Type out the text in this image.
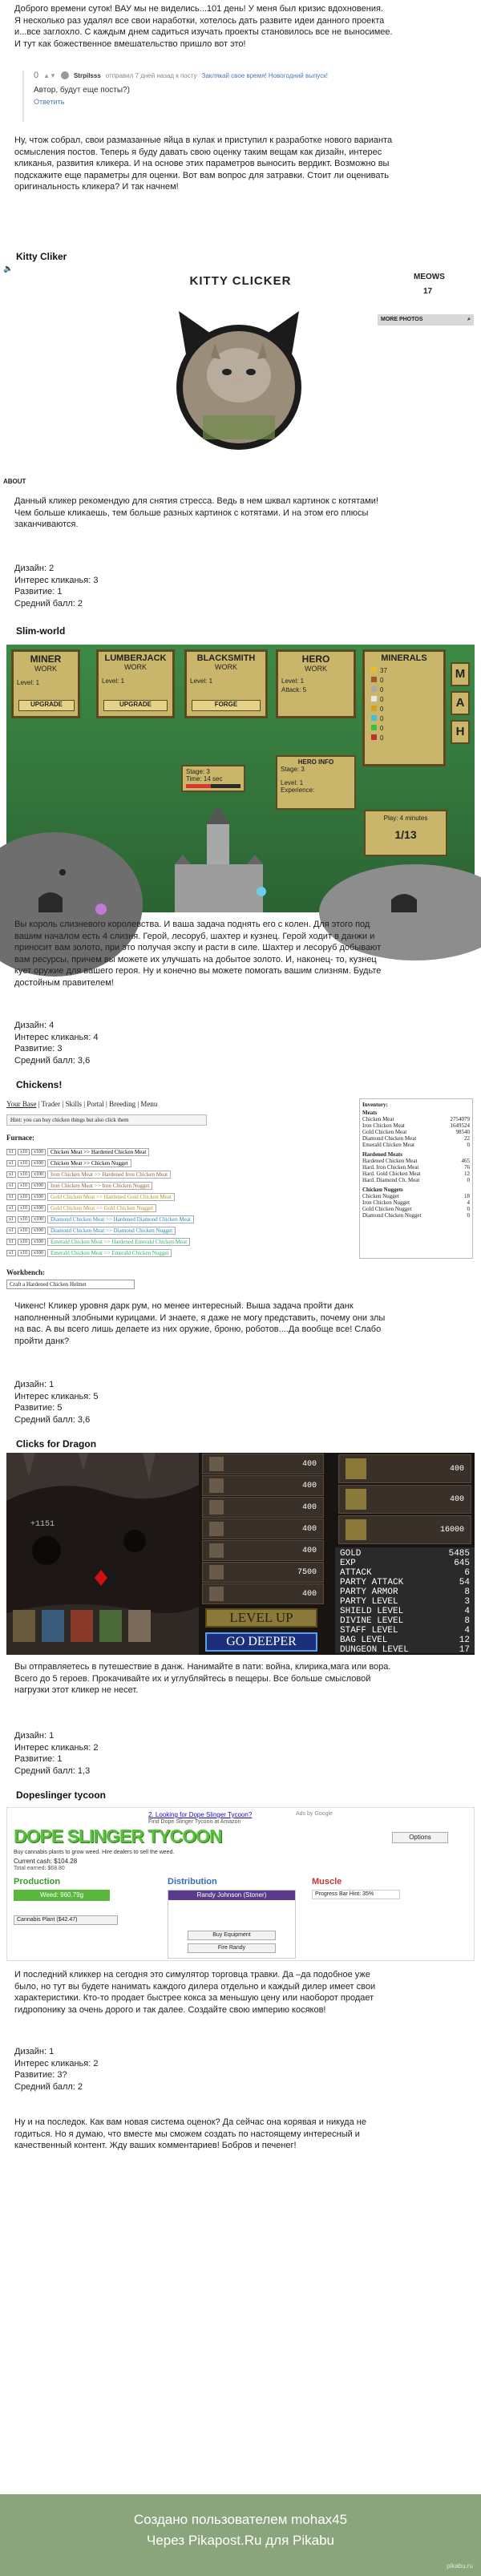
Доброго времени суток! ВАУ мы не виделись...101 день! У меня был кризис вдохновения.

Я несколько раз удалял все свои наработки, хотелось дать развите идеи данного проекта

и...все заглохло. С каждым днем садиться изучать проекты становилось все не выносимее.

И тут как божественное вмешательство пришло вот это!

0 ▲▼	Strpilsss отправил 7 дней назад к посту Заклякай свое время! Новогодний выпуск!
Автор, будут еще посты?)
Ответить

Ну, чтож собрал, свои размазанные яйца в кулак и приступил к разработке нового варианта

осмысления постов. Теперь я буду давать свою оценку таким вещам как дизайн, интерес

кликанья, развития кликера. И на основе этих параметров выносить вердикт. Возможно вы

подскажите еще параметры для оценки. Вот вам вопрос для затравки. Стоит ли оценивать

оригинальность кликера? И так начнем!

Kitty Cliker
🔈
KITTY CLICKER	MEOWS
17
MORE PHOTOS	⌕
ABOUT

Данный кликер рекомендую для снятия стресса. Ведь в нем шквал картинок с котятами!

Чем больше кликаешь, тем больше разных картинок с котятами. И на этом его плюсы

заканчиваются.

Дизайн: 2

Интерес кликанья: 3

Развитие: 1

Средний балл: 2

Slim-world
MINER
WORK
Level: 1
UPGRADE
LUMBERJACK
WORK
Level: 1
UPGRADE
BLACKSMITH
WORK
Level: 1
FORGE
HERO
WORK
Level: 1
Attack: 5
MINERALS
37
0
0
0
0
0
0
0
M
A
H
Stage: 3
Time: 14 sec
HERO INFO
Stage: 3
Level: 1
Experience:
Play: 4 minutes
1/13

Вы король слизневого королевства. И ваша задача поднять его с колен. Для этого под

вашим началом есть 4 слизня. Герой, лесоруб, шахтер и кузнец. Герой ходит в данжи и

приносит вам золото, при это получая экспу и расти в силе. Шахтер и лесоруб добывают

вам ресурсы, причем вы можете их улучшать на добытое золото. И, наконец- то, кузнец

кует оружие для вашего героя. Ну и конечно вы можете помогать вашим слизням. Будьте

достойным правителем!

Дизайн: 4

Интерес кликанья: 4

Развитие: 3

Средний балл: 3,6

Chickens!
Your Base | Trader | Skills | Portal | Breeding | Menu
Hint: you can buy chicken things but also click them
Furnace:
x1	x10	x100	Chicken Meat >> Hardened Chicken Meat
x1	x10	x100	Chicken Meat >> Chicken Nugget
x1	x10	x100	Iron Chicken Meat >> Hardened Iron Chicken Meat
x1	x10	x100	Iron Chicken Meat >> Iron Chicken Nugget
x1	x10	x100	Gold Chicken Meat >> Hardened Gold Chicken Meat
x1	x10	x100	Gold Chicken Meat >> Gold Chicken Nugget
x1	x10	x100	Diamond Chicken Meat >> Hardened Diamond Chicken Meat
x1	x10	x100	Diamond Chicken Meat >> Diamond Chicken Nugget
x1	x10	x100	Emerald Chicken Meat >> Hardened Emerald Chicken Meat
x1	x10	x100	Emerald Chicken Meat >> Emerald Chicken Nugget
Workbench:
Craft a Hardened Chicken Helmet
Inventory:
Meats
Chicken Meat	2754079
Iron Chicken Meat	1649524
Gold Chicken Meat	98540
Diamond Chicken Meat	22
Emerald Chicken Meat	0
Hardened Meats
Hardened Chicken Meat	465
Hard. Iron Chicken Meat	76
Hard. Gold Chicken Meat	12
Hard. Diamond Ch. Meat	0
Chicken Nuggets
Chicken Nugget	18
Iron Chicken Nugget	4
Gold Chicken Nugget	0
Diamond Chicken Nugget	0

Чикенс! Кликер уровня дарк рум, но менее интересный. Выша задача пройти данк

наполненный злобными курицами. И знаете, я даже не могу представить, почему они злы

на вас. А вы всего лишь делаете из них оружие, броню, роботов....Да вообще все! Слабо

пройти данк?

Дизайн: 1

Интерес кликанья: 5

Развитие: 5

Средний балл: 3,6

Clicks for Dragon
+1151
400
400
400
400
400
7500
400
LEVEL UP
GO DEEPER
400
400
16000
GOLD	5485
EXP	645
ATTACK	6
PARTY ATTACK	54
PARTY ARMOR	8
PARTY LEVEL	3
SHIELD LEVEL	4
DIVINE LEVEL	8
STAFF LEVEL	4
BAG LEVEL	12
DUNGEON LEVEL	17

Вы отправляетесь в путешествие в данж. Нанимайте в пати: война, клирика,мага или вора.

Всего до 5 героев. Прокачивайте их и углубляйтесь в пещеры. Все больше смысловой

нагрузки этот кликер не несет.

Дизайн: 1

Интерес кликанья: 2

Развитие: 1

Средний балл: 1,3

Dopeslinger tycoon
2. Looking for Dope Slinger Tycoon?
Find Dope Slinger Tycoon at Amazon
Ads by Google
DOPE SLINGER TYCOON	Options
Buy cannabis plants to grow weed. Hire dealers to sell the weed.
Current cash: $104.28
Total earned: $68.80
Production	Distribution	Muscle
Weed: 960.79g
Cannabis Plant ($42.47)
Randy Johnson (Stoner)
Buy Equipment
Fire Randy
Progress Bar Hint: 35%

И последний кликкер на сегодня это симулятор торговца травки. Да –да подобное уже

было, но тут вы будете нанимать каждого дилера отдельно и каждый дилер имеет свои

характеристики. Кто-то продает быстрее кокса за меньшую цену или наоборот продает

гидропонику за очень дорого и так далее. Создайте свою империю косяков!

Дизайн: 1

Интерес кликанья: 2

Развитие: 3?

Средний балл: 2

Ну и на последок. Как вам новая система оценок? Да сейчас она корявая и никуда не

годиться. Но я думаю, что вместе мы сможем создать по настоящему интересный и

качественный контент. Жду ваших комментариев! Бобров и печенег!

Создано пользователем mohax45
Через Pikapost.Ru для Pikabu
pikabu.ru
